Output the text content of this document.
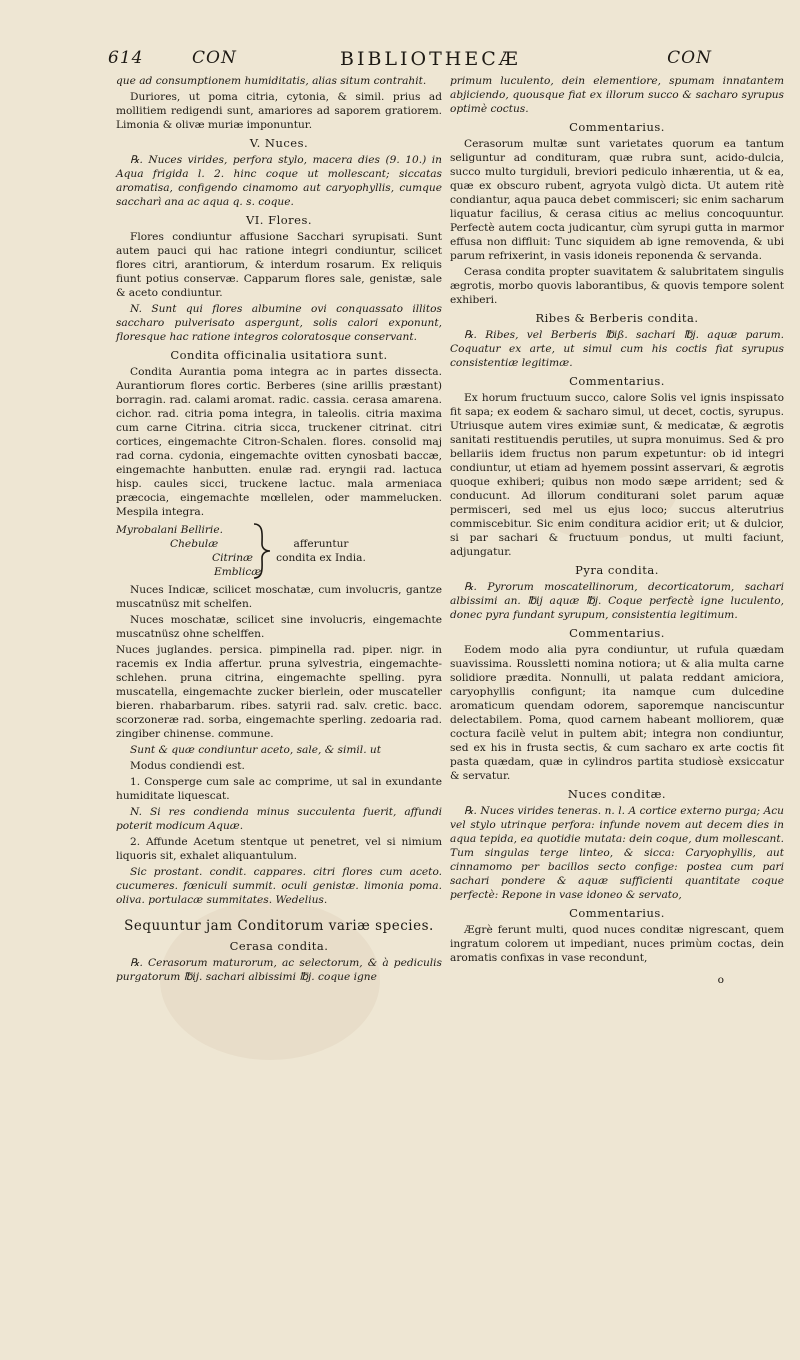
614	CON	BIBLIOTHECÆ	CON

que ad consumptionem humiditatis, alias situm contrahit.

Duriores, ut poma citria, cytonia, & simil. prius ad mollitiem redigendi sunt, amariores ad saporem gratiorem. Limonia & olivæ muriæ imponuntur.

V. Nuces.

℞. Nuces virides, perfora stylo, macera dies (9. 10.) in Aqua frigida l. 2. hinc coque ut mollescant; siccatas aromatisa, configendo cinamomo aut caryophyllis, cumque saccharì ana ac aqua q. s. coque.

VI. Flores.

Flores condiuntur affusione Sacchari syrupisati. Sunt autem pauci qui hac ratione integri condiuntur, scilicet flores citri, arantiorum, & interdum rosarum. Ex reliquis fiunt potius conservæ. Capparum flores sale, genistæ, sale & aceto condiuntur.

N. Sunt qui flores albumine ovi conquassato illitos saccharo pulverisato aspergunt, solis calori exponunt, floresque hac ratione integros coloratosque conservant.

Condita officinalia usitatiora sunt.

Condita Aurantia poma integra ac in partes dissecta. Aurantiorum flores cortic. Berberes (sine arillis præstant) borragin. rad. calami aromat. radic. cassia. cerasa amarena. cichor. rad. citria poma integra, in taleolis. citria maxima cum carne Citrina. citria sicca, truckener citrinat. citri cortices, eingemachte Citron-Schalen. flores. consolid maj rad corna. cydonia, eingemachte ovitten cynosbati baccæ, eingemachte hanbutten. enulæ rad. eryngii rad. lactuca hisp. caules sicci, truckene lactuc. mala armeniaca præcocia, eingemachte mœllelen, oder mammelucken. Mespila integra.

Myrobalani Bellirie.
Chebulæ
Citrinæ
Emblicæ
afferuntur condita ex India.

Nuces Indicæ, scilicet moschatæ, cum involucris, gantze muscatnüsz mit schelfen.

Nuces moschatæ, scilicet sine involucris, eingemachte muscatnüsz ohne schelffen.

Nuces juglandes. persica. pimpinella rad. piper. nigr. in racemis ex India affertur. pruna sylvestria, eingemachte-schlehen. pruna citrina, eingemachte spelling. pyra muscatella, eingemachte zucker bierlein, oder muscateller bieren. rhabarbarum. ribes. satyrii rad. salv. cretic. bacc. scorzoneræ rad. sorba, eingemachte sperling. zedoaria rad. zingiber chinense. commune.

Sunt & quæ condiuntur aceto, sale, & simil. ut

Modus condiendi est.

1. Consperge cum sale ac comprime, ut sal in exundante humiditate liquescat.

N. Si res condienda minus succulenta fuerit, affundi poterit modicum Aquæ.

2. Affunde Acetum stentque ut penetret, vel si nimium liquoris sit, exhalet aliquantulum.

Sic prostant. condit. cappares. citri flores cum aceto. cucumeres. fœniculi summit. oculi genistæ. limonia poma. oliva. portulacæ summitates. Wedelius.

Sequuntur jam Conditorum variæ species.
Cerasa condita.

℞. Cerasorum maturorum, ac selectorum, & à pediculis purgatorum ℔ij. sachari albissimi ℔j. coque igne

primum luculento, dein elementiore, spumam innatantem abjiciendo, quousque fiat ex illorum succo & sacharo syrupus optimè coctus.

Commentarius.

Cerasorum multæ sunt varietates quorum ea tantum seliguntur ad condituram, quæ rubra sunt, acido-dulcia, succo multo turgiduli, breviori pediculo inhærentia, ut & ea, quæ ex obscuro rubent, agryota vulgò dicta. Ut autem ritè condiantur, aqua pauca debet commisceri; sic enim sacharum liquatur facilius, & cerasa citius ac melius concoquuntur. Perfectè autem cocta judicantur, cùm syrupi gutta in marmor effusa non diffluit: Tunc siquidem ab igne removenda, & ubi parum refrixerint, in vasis idoneis reponenda & servanda.

Cerasa condita propter suavitatem & salubritatem singulis ægrotis, morbo quovis laborantibus, & quovis tempore solent exhiberi.

Ribes & Berberis condita.

℞. Ribes, vel Berberis ℔iß. sachari ℔j. aquæ parum. Coquatur ex arte, ut simul cum his coctis fiat syrupus consistentiæ legitimæ.

Commentarius.

Ex horum fructuum succo, calore Solis vel ignis inspissato fit sapa; ex eodem & sacharo simul, ut decet, coctis, syrupus. Utriusque autem vires eximiæ sunt, & medicatæ, & ægrotis sanitati restituendis perutiles, ut supra monuimus. Sed & pro bellariis idem fructus non parum expetuntur: ob id integri condiuntur, ut etiam ad hyemem possint asservari, & ægrotis quoque exhiberi; quibus non modo sæpe arrident; sed & conducunt. Ad illorum conditurani solet parum aquæ permisceri, sed mel us ejus loco; succus alterutrius commiscebitur. Sic enim conditura acidior erit; ut & dulcior, si par sachari & fructuum pondus, ut multi faciunt, adjungatur.

Pyra condita.

℞. Pyrorum moscatellinorum, decorticatorum, sachari albissimi an. ℔ij aquæ ℔j. Coque perfectè igne luculento, donec pyra fundant syrupum, consistentia legitimum.

Commentarius.

Eodem modo alia pyra condiuntur, ut rufula quædam suavissima. Roussletti nomina notiora; ut & alia multa carne solidiore prædita. Nonnulli, ut palata reddant amiciora, caryophyllis configunt; ita namque cum dulcedine aromaticum quendam odorem, saporemque nanciscuntur delectabilem. Poma, quod carnem habeant molliorem, quæ coctura facilè velut in pultem abit; integra non condiuntur, sed ex his in frusta sectis, & cum sacharo ex arte coctis fit pasta quædam, quæ in cylindros partita studiosè exsiccatur & servatur.

Nuces conditæ.

℞. Nuces virides teneras. n. l. A cortice externo purga; Acu vel stylo utrinque perfora: infunde novem aut decem dies in aqua tepida, ea quotidie mutata: dein coque, dum mollescant. Tum singulas terge linteo, & sicca: Caryophyllis, aut cinnamomo per bacillos secto confige: postea cum pari sachari pondere & aquæ sufficienti quantitate coque perfectè: Repone in vase idoneo & servato,

Commentarius.

Ægrè ferunt multi, quod nuces conditæ nigrescant, quem ingratum colorem ut impediant, nuces primùm coctas, dein aromatis confixas in vase recondunt,

o
